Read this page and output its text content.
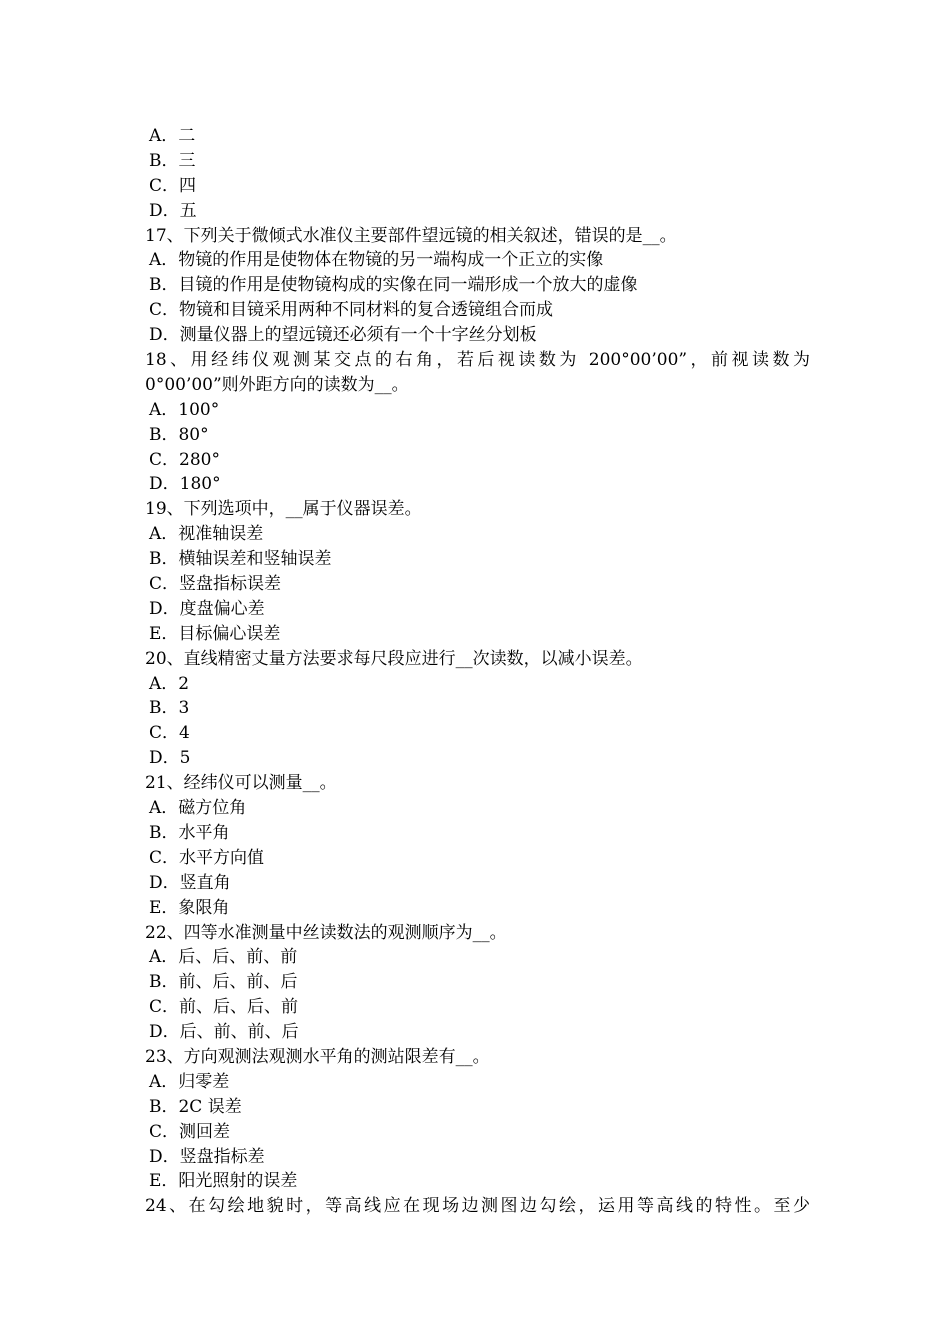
A．二
B．三
C．四
D．五
17、下列关于微倾式水准仪主要部件望远镜的相关叙述，错误的是__。
A．物镜的作用是使物体在物镜的另一端构成一个正立的实像
B．目镜的作用是使物镜构成的实像在同一端形成一个放大的虚像
C．物镜和目镜采用两种不同材料的复合透镜组合而成
D．测量仪器上的望远镜还必须有一个十字丝分划板
18、用经纬仪观测某交点的右角，若后视读数为 200°00’00”，前视读数为
0°00’00”则外距方向的读数为__。
A．100°
B．80°
C．280°
D．180°
19、下列选项中，__属于仪器误差。
A．视准轴误差
B．横轴误差和竖轴误差
C．竖盘指标误差
D．度盘偏心差
E．目标偏心误差
20、直线精密丈量方法要求每尺段应进行__次读数，以减小误差。
A．2
B．3
C．4
D．5
21、经纬仪可以测量__。
A．磁方位角
B．水平角
C．水平方向值
D．竖直角
E．象限角
22、四等水准测量中丝读数法的观测顺序为__。
A．后、后、前、前
B．前、后、前、后
C．前、后、后、前
D．后、前、前、后
23、方向观测法观测水平角的测站限差有__。
A．归零差
B．2C 误差
C．测回差
D．竖盘指标差
E．阳光照射的误差
24、在勾绘地貌时，等高线应在现场边测图边勾绘，运用等高线的特性。至少
